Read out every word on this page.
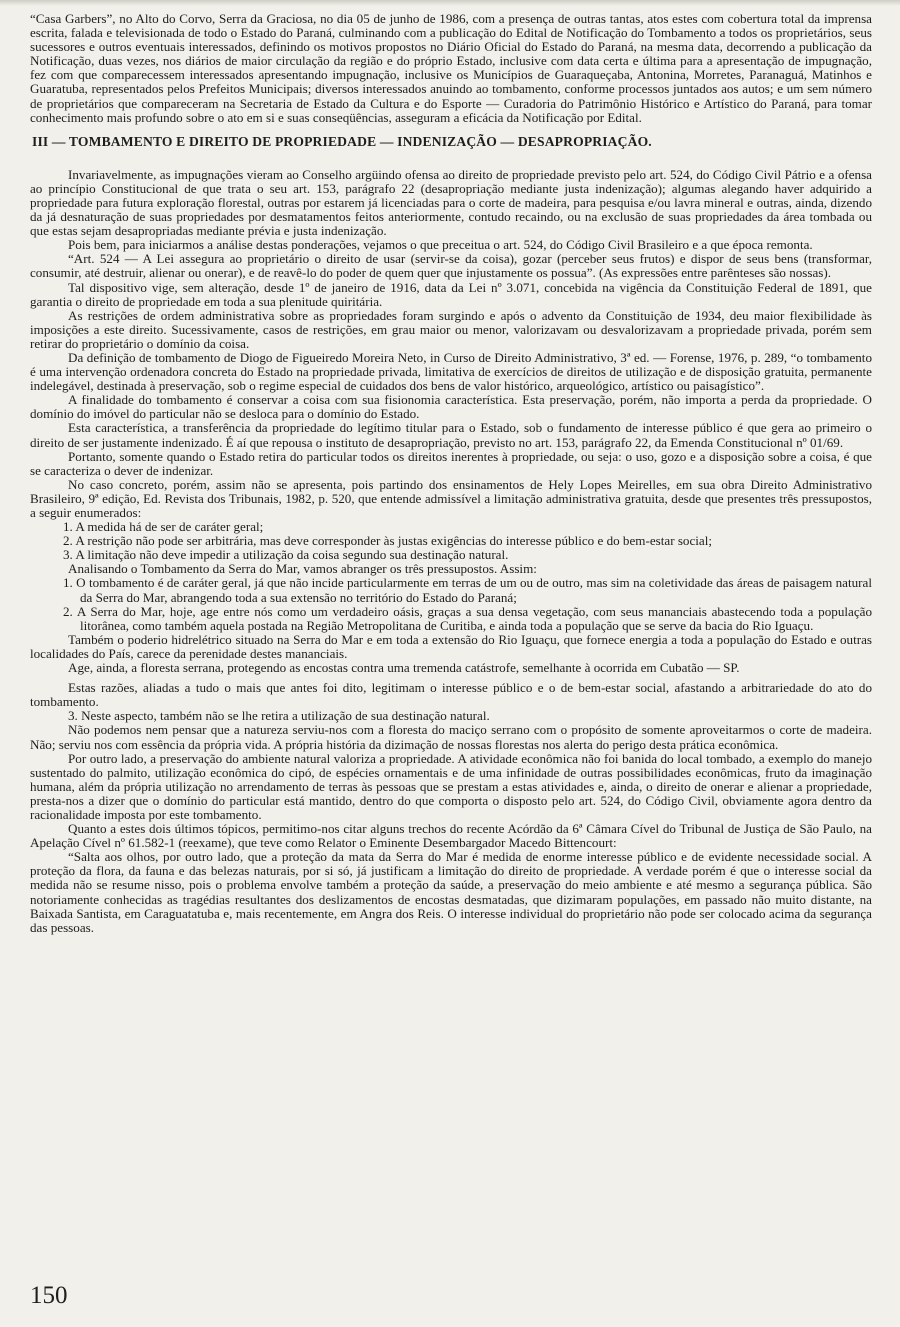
“Casa Garbers”, no Alto do Corvo, Serra da Graciosa, no dia 05 de junho de 1986, com a presença de outras tantas, atos estes com cobertura total da imprensa escrita, falada e televisionada de todo o Estado do Paraná, culminando com a publicação do Edital de Notificação do Tombamento a todos os proprietários, seus sucessores e outros eventuais interessados, definindo os motivos propostos no Diário Oficial do Estado do Paraná, na mesma data, decorrendo a publicação da Notificação, duas vezes, nos diários de maior circulação da região e do próprio Estado, inclusive com data certa e última para a apresentação de impugnação, fez com que comparecessem interessados apresentando impugnação, inclusive os Municípios de Guaraqueçaba, Antonina, Morretes, Paranaguá, Matinhos e Guaratuba, representados pelos Prefeitos Municipais; diversos interessados anuindo ao tombamento, conforme processos juntados aos autos; e um sem número de proprietários que compareceram na Secretaria de Estado da Cultura e do Esporte — Curadoria do Patrimônio Histórico e Artístico do Paraná, para tomar conhecimento mais profundo sobre o ato em si e suas conseqüências, asseguram a eficácia da Notificação por Edital.

III — TOMBAMENTO E DIREITO DE PROPRIEDADE — INDENIZAÇÃO — DESAPROPRIAÇÃO.

Invariavelmente, as impugnações vieram ao Conselho argüindo ofensa ao direito de propriedade previsto pelo art. 524, do Código Civil Pátrio e a ofensa ao princípio Constitucional de que trata o seu art. 153, parágrafo 22 (desapropriação mediante justa indenização); algumas alegando haver adquirido a propriedade para futura exploração florestal, outras por estarem já licenciadas para o corte de madeira, para pesquisa e/ou lavra mineral e outras, ainda, dizendo da já desnaturação de suas propriedades por desmatamentos feitos anteriormente, contudo recaindo, ou na exclusão de suas propriedades da área tombada ou que estas sejam desapropriadas mediante prévia e justa indenização.

Pois bem, para iniciarmos a análise destas ponderações, vejamos o que preceitua o art. 524, do Código Civil Brasileiro e a que época remonta.

“Art. 524 — A Lei assegura ao proprietário o direito de usar (servir-se da coisa), gozar (perceber seus frutos) e dispor de seus bens (transformar, consumir, até destruir, alienar ou onerar), e de reavê-lo do poder de quem quer que injustamente os possua”. (As expressões entre parênteses são nossas).

Tal dispositivo vige, sem alteração, desde 1º de janeiro de 1916, data da Lei nº 3.071, concebida na vigência da Constituição Federal de 1891, que garantia o direito de propriedade em toda a sua plenitude quiritária.

As restrições de ordem administrativa sobre as propriedades foram surgindo e após o advento da Constituição de 1934, deu maior flexibilidade às imposições a este direito. Sucessivamente, casos de restrições, em grau maior ou menor, valorizavam ou desvalorizavam a propriedade privada, porém sem retirar do proprietário o domínio da coisa.

Da definição de tombamento de Diogo de Figueiredo Moreira Neto, in Curso de Direito Administrativo, 3ª ed. — Forense, 1976, p. 289, “o tombamento é uma intervenção ordenadora concreta do Estado na propriedade privada, limitativa de exercícios de direitos de utilização e de disposição gratuita, permanente indelegável, destinada à preservação, sob o regime especial de cuidados dos bens de valor histórico, arqueológico, artístico ou paisagístico”.

A finalidade do tombamento é conservar a coisa com sua fisionomia característica. Esta preservação, porém, não importa a perda da propriedade. O domínio do imóvel do particular não se desloca para o domínio do Estado.

Esta característica, a transferência da propriedade do legítimo titular para o Estado, sob o fundamento de interesse público é que gera ao primeiro o direito de ser justamente indenizado. É aí que repousa o instituto de desapropriação, previsto no art. 153, parágrafo 22, da Emenda Constitucional nº 01/69.

Portanto, somente quando o Estado retira do particular todos os direitos inerentes à propriedade, ou seja: o uso, gozo e a disposição sobre a coisa, é que se caracteriza o dever de indenizar.

No caso concreto, porém, assim não se apresenta, pois partindo dos ensinamentos de Hely Lopes Meirelles, em sua obra Direito Administrativo Brasileiro, 9ª edição, Ed. Revista dos Tribunais, 1982, p. 520, que entende admissível a limitação administrativa gratuita, desde que presentes três pressupostos, a seguir enumerados:

1. A medida há de ser de caráter geral;

2. A restrição não pode ser arbitrária, mas deve corresponder às justas exigências do interesse público e do bem-estar social;

3. A limitação não deve impedir a utilização da coisa segundo sua destinação natural.

Analisando o Tombamento da Serra do Mar, vamos abranger os três pressupostos. Assim:

1. O tombamento é de caráter geral, já que não incide particularmente em terras de um ou de outro, mas sim na coletividade das áreas de paisagem natural da Serra do Mar, abrangendo toda a sua extensão no território do Estado do Paraná;

2. A Serra do Mar, hoje, age entre nós como um verdadeiro oásis, graças a sua densa vegetação, com seus mananciais abastecendo toda a população litorânea, como também aquela postada na Região Metropolitana de Curitiba, e ainda toda a população que se serve da bacia do Rio Iguaçu.

Também o poderio hidrelétrico situado na Serra do Mar e em toda a extensão do Rio Iguaçu, que fornece energia a toda a população do Estado e outras localidades do País, carece da perenidade destes mananciais.

Age, ainda, a floresta serrana, protegendo as encostas contra uma tremenda catástrofe, semelhante à ocorrida em Cubatão — SP.

Estas razões, aliadas a tudo o mais que antes foi dito, legitimam o interesse público e o de bem-estar social, afastando a arbitrariedade do ato do tombamento.

3. Neste aspecto, também não se lhe retira a utilização de sua destinação natural.

Não podemos nem pensar que a natureza serviu-nos com a floresta do maciço serrano com o propósito de somente aproveitarmos o corte de madeira. Não; serviu nos com essência da própria vida. A própria história da dizimação de nossas florestas nos alerta do perigo desta prática econômica.

Por outro lado, a preservação do ambiente natural valoriza a propriedade. A atividade econômica não foi banida do local tombado, a exemplo do manejo sustentado do palmito, utilização econômica do cipó, de espécies ornamentais e de uma infinidade de outras possibilidades econômicas, fruto da imaginação humana, além da própria utilização no arrendamento de terras às pessoas que se prestam a estas atividades e, ainda, o direito de onerar e alienar a propriedade, presta-nos a dizer que o domínio do particular está mantido, dentro do que comporta o disposto pelo art. 524, do Código Civil, obviamente agora dentro da racionalidade imposta por este tombamento.

Quanto a estes dois últimos tópicos, permitimo-nos citar alguns trechos do recente Acórdão da 6ª Câmara Cível do Tribunal de Justiça de São Paulo, na Apelação Cível nº 61.582-1 (reexame), que teve como Relator o Eminente Desembargador Macedo Bittencourt:

“Salta aos olhos, por outro lado, que a proteção da mata da Serra do Mar é medida de enorme interesse público e de evidente necessidade social. A proteção da flora, da fauna e das belezas naturais, por si só, já justificam a limitação do direito de propriedade. A verdade porém é que o interesse social da medida não se resume nisso, pois o problema envolve também a proteção da saúde, a preservação do meio ambiente e até mesmo a segurança pública. São notoriamente conhecidas as tragédias resultantes dos deslizamentos de encostas desmatadas, que dizimaram populações, em passado não muito distante, na Baixada Santista, em Caraguatatuba e, mais recentemente, em Angra dos Reis. O interesse individual do proprietário não pode ser colocado acima da segurança das pessoas.

150
